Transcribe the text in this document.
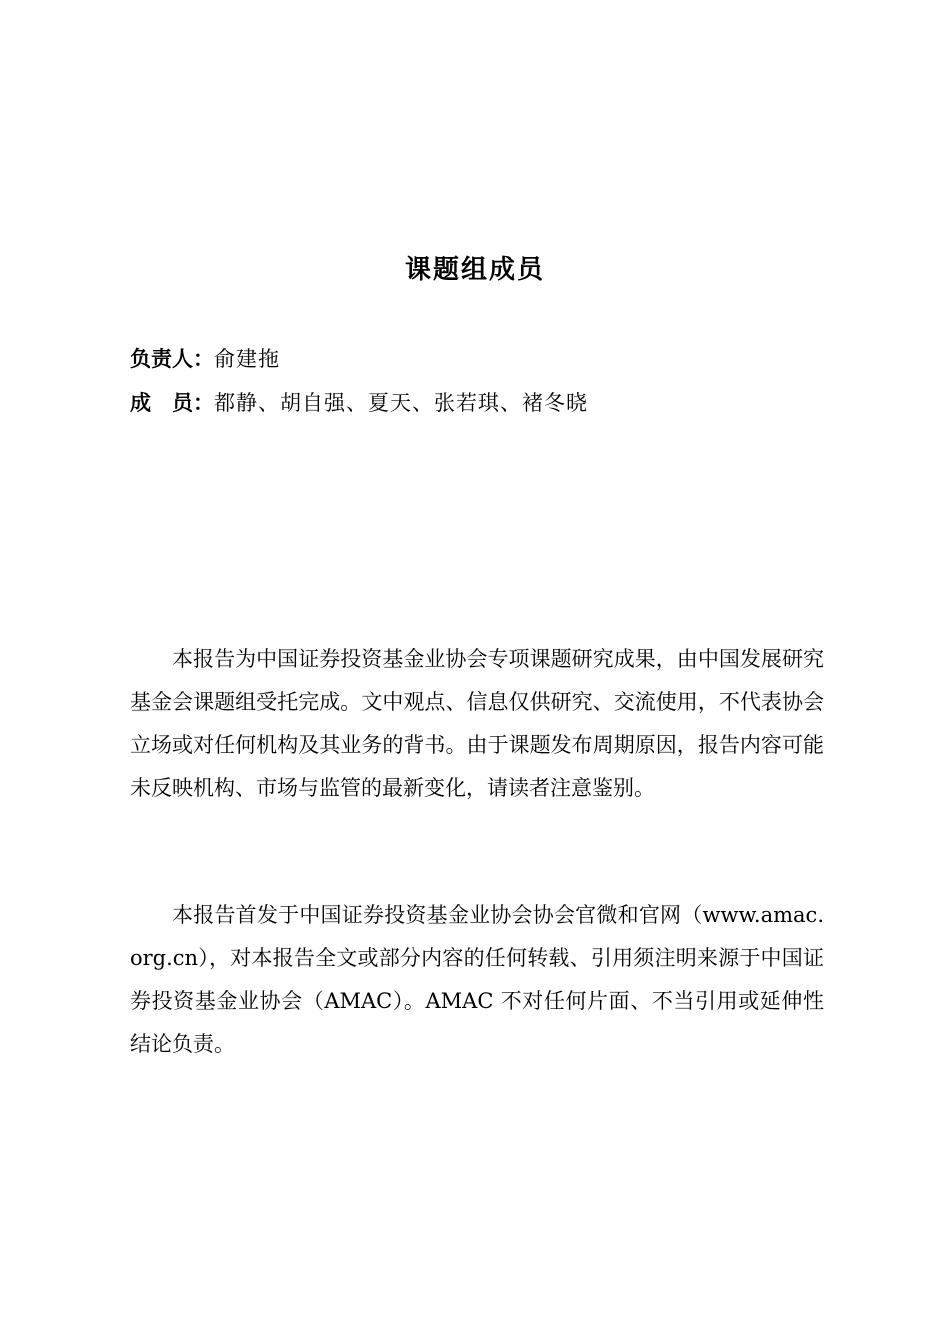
课题组成员
负责人：俞建拖
成　员：都静、胡自强、夏天、张若琪、褚冬晓

本报告为中国证券投资基金业协会专项课题研究成果，由中国发展研究基金会课题组受托完成。文中观点、信息仅供研究、交流使用，不代表协会立场或对任何机构及其业务的背书。由于课题发布周期原因，报告内容可能未反映机构、市场与监管的最新变化，请读者注意鉴别。

本报告首发于中国证券投资基金业协会协会官微和官网（www.amac.org.cn），对本报告全文或部分内容的任何转载、引用须注明来源于中国证券投资基金业协会（AMAC）。AMAC 不对任何片面、不当引用或延伸性结论负责。
